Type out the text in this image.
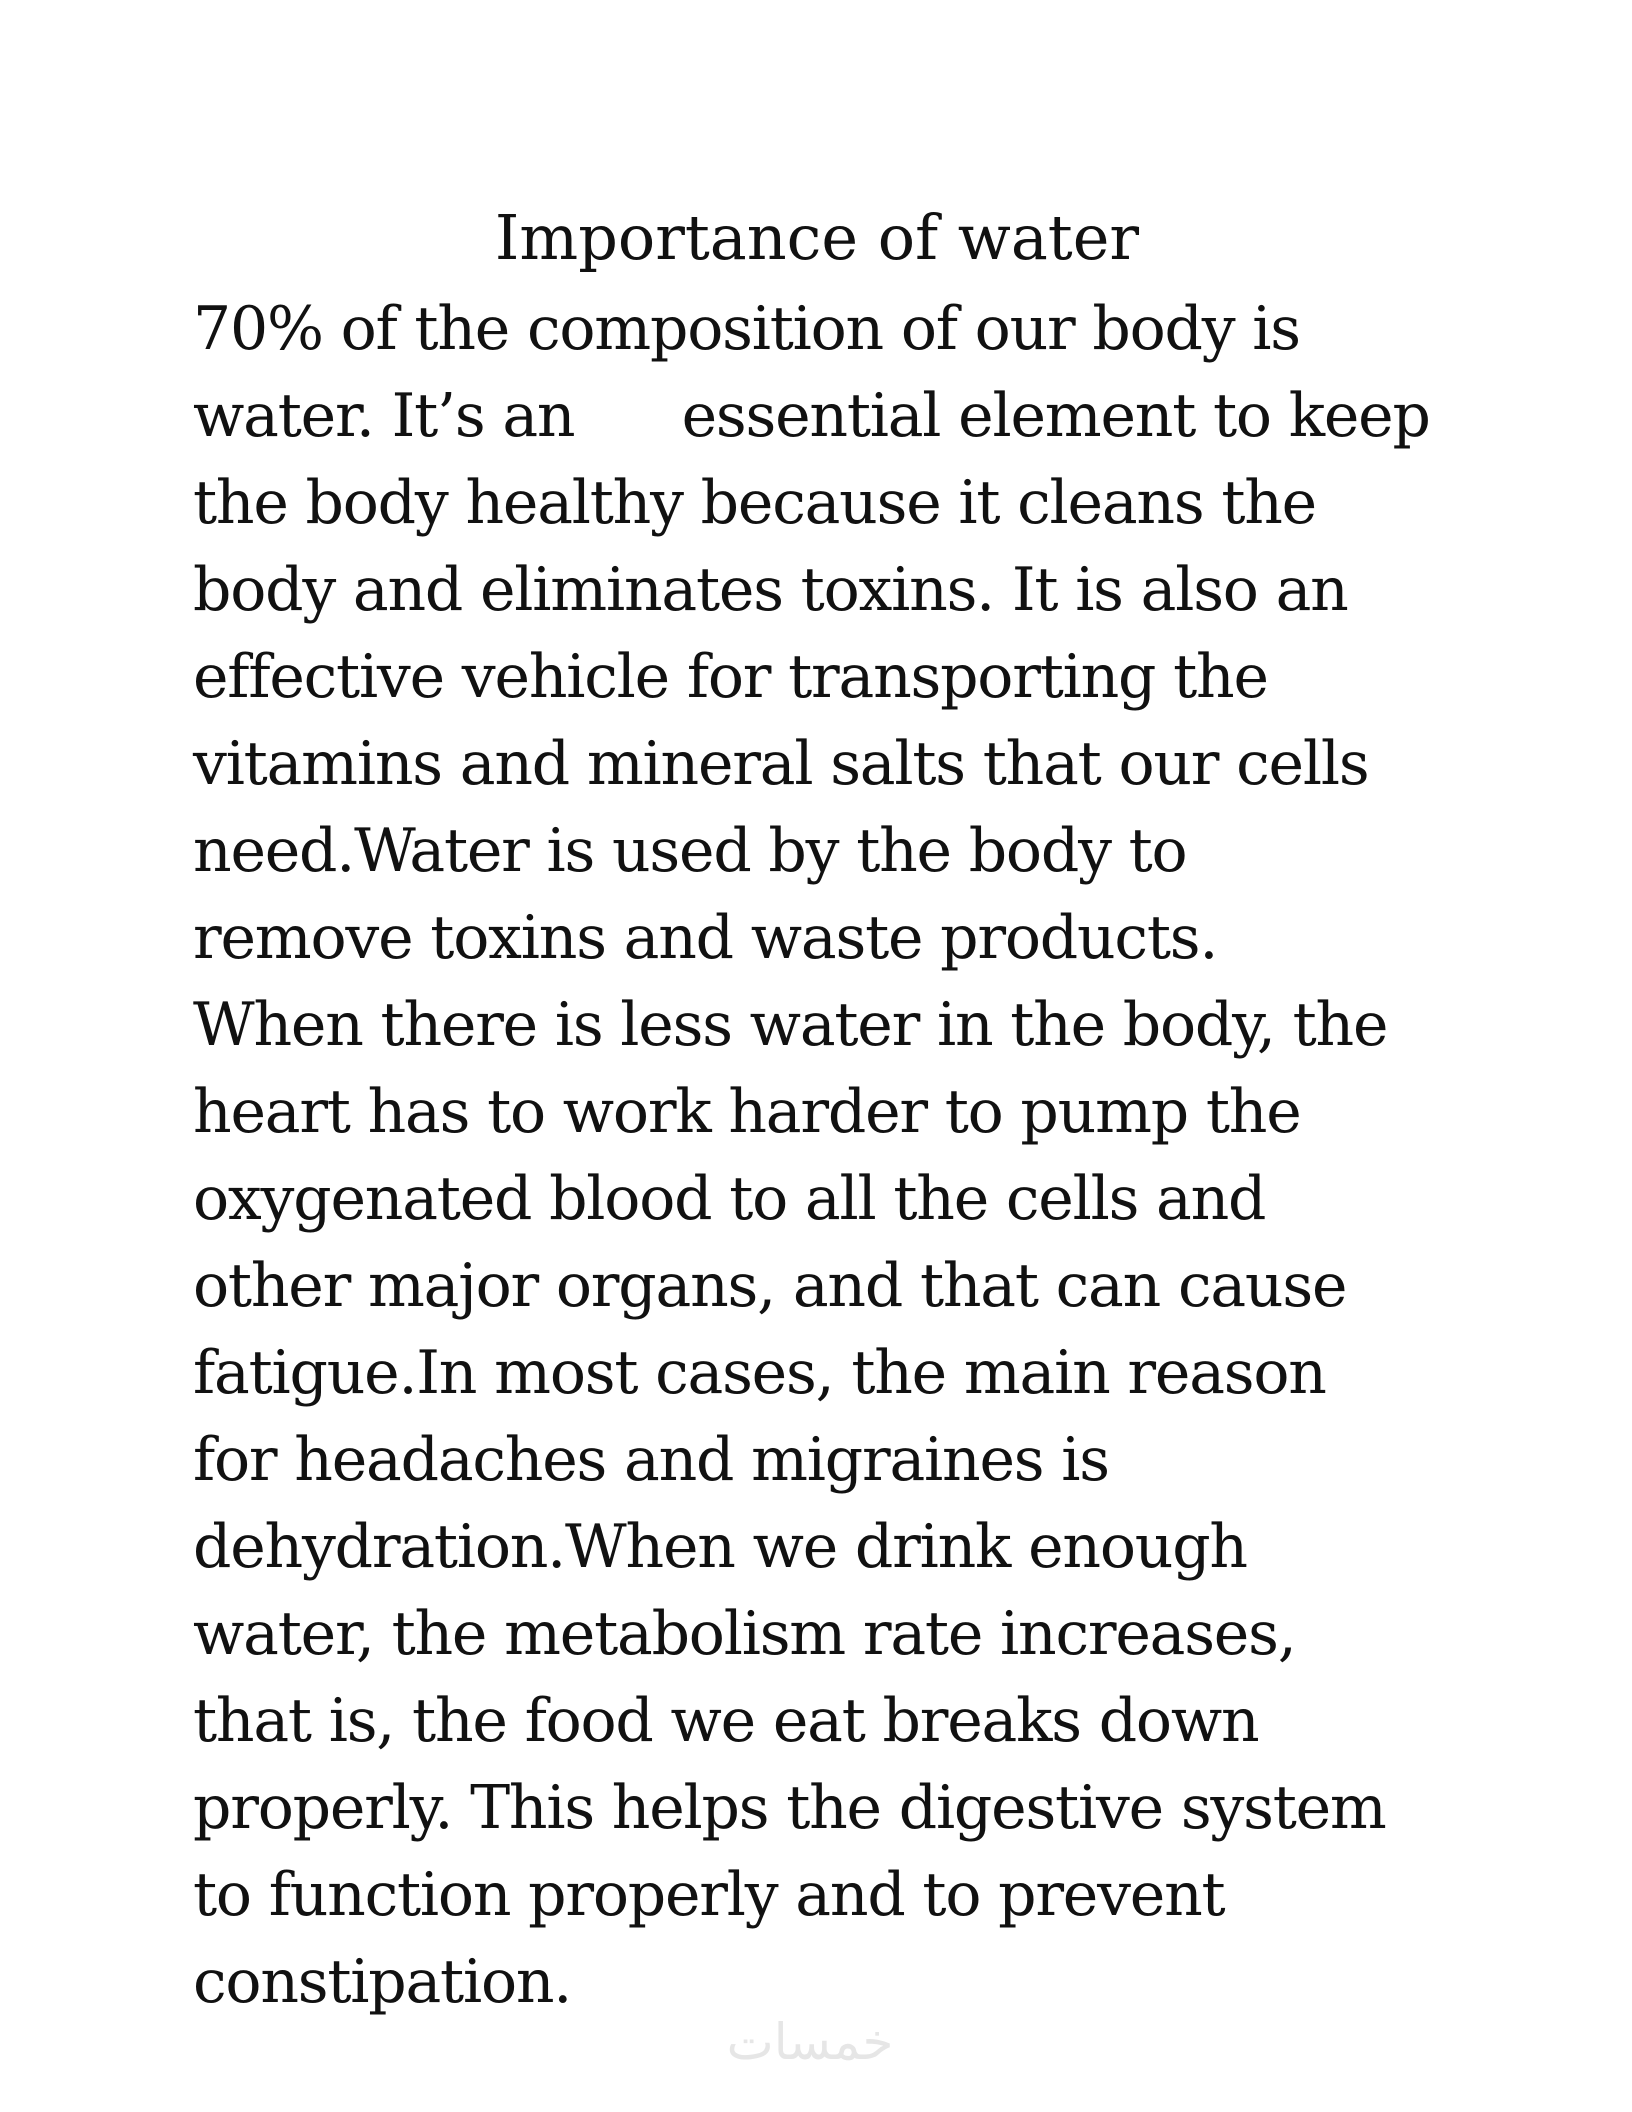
Importance of water
70% of the composition of our body is
water. It’s an      essential element to keep
the body healthy because it cleans the
body and eliminates toxins. It is also an
effective vehicle for transporting the
vitamins and mineral salts that our cells
need.Water is used by the body to
remove toxins and waste products.
When there is less water in the body, the
heart has to work harder to pump the
oxygenated blood to all the cells and
other major organs, and that can cause
fatigue.In most cases, the main reason
for headaches and migraines is
dehydration.When we drink enough
water, the metabolism rate increases,
that is, the food we eat breaks down
properly. This helps the digestive system
to function properly and to prevent
constipation.
خمسات
